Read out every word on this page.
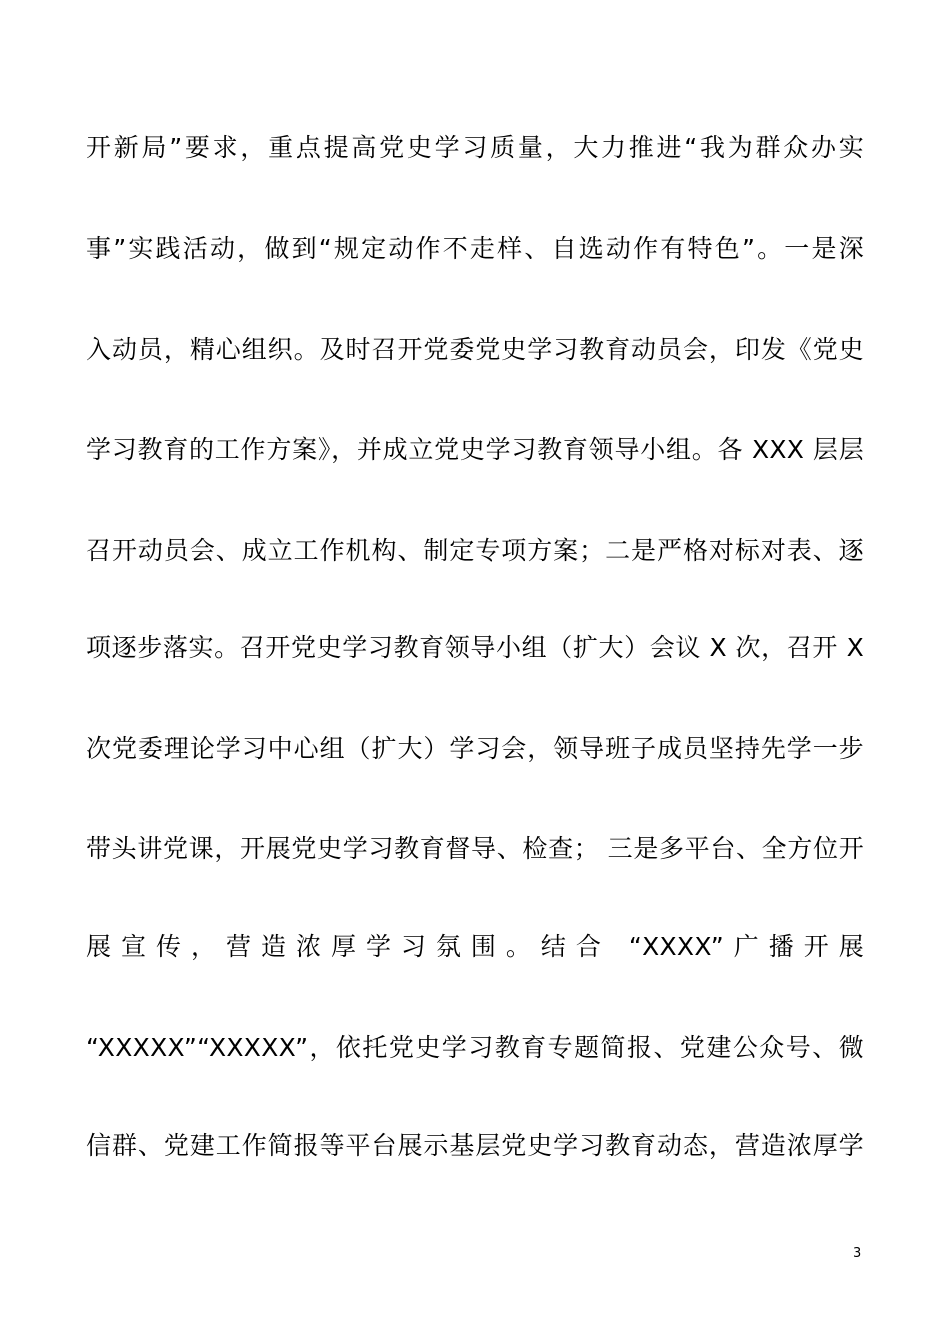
开新局”要求，重点提高党史学习质量，大力推进“我为群众办实
事”实践活动，做到“规定动作不走样、自选动作有特色”。一是深
入动员，精心组织。及时召开党委党史学习教育动员会，印发《党史
学习教育的工作方案》，并成立党史学习教育领导小组。各 XXX 层层
召开动员会、成立工作机构、制定专项方案；二是严格对标对表、逐
项逐步落实。召开党史学习教育领导小组（扩大）会议 X 次，召开 X
次党委理论学习中心组（扩大）学习会，领导班子成员坚持先学一步
带头讲党课，开展党史学习教育督导、检查； 三是多平台、全方位开
展宣传，营造浓厚学习氛围。结合 “XXXX”广播开展
“XXXXX”“XXXXX”，依托党史学习教育专题简报、党建公众号、微
信群、党建工作简报等平台展示基层党史学习教育动态，营造浓厚学
3
